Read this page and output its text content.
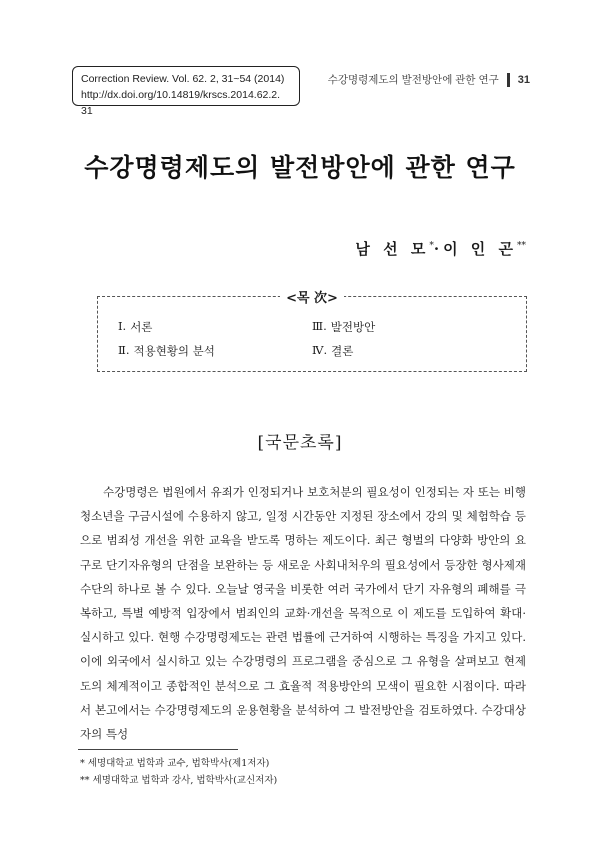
Correction Review. Vol. 62. 2, 31~54 (2014)
http://dx.doi.org/10.14819/krscs.2014.62.2. 31
수강명령제도의 발전방안에 관한 연구 31
수강명령제도의 발전방안에 관한 연구
남 선 모*·이 인 곤**
<목 次>
Ⅰ. 서론	Ⅲ. 발전방안
Ⅱ. 적용현황의 분석	Ⅳ. 결론
[국문초록]
수강명령은 법원에서 유죄가 인정되거나 보호처분의 필요성이 인정되는 자 또는 비행청소년을 구금시설에 수용하지 않고, 일정 시간동안 지정된 장소에서 강의 및 체험학습 등으로 범죄성 개선을 위한 교육을 받도록 명하는 제도이다. 최근 형벌의 다양화 방안의 요구로 단기자유형의 단점을 보완하는 등 새로운 사회내처우의 필요성에서 등장한 형사제재 수단의 하나로 볼 수 있다. 오늘날 영국을 비롯한 여러 국가에서 단기 자유형의 폐해를 극복하고, 특별 예방적 입장에서 범죄인의 교화·개선을 목적으로 이 제도를 도입하여 확대·실시하고 있다. 현행 수강명령제도는 관련 법률에 근거하여 시행하는 특징을 가지고 있다. 이에 외국에서 실시하고 있는 수강명령의 프로그램을 중심으로 그 유형을 살펴보고 현제도의 체계적이고 종합적인 분석으로 그 효율적 적용방안의 모색이 필요한 시점이다. 따라서 본고에서는 수강명령제도의 운용현황을 분석하여 그 발전방안을 검토하였다. 수강대상자의 특성
* 세명대학교 법학과 교수, 법학박사(제1저자)
** 세명대학교 법학과 강사, 법학박사(교신저자)
